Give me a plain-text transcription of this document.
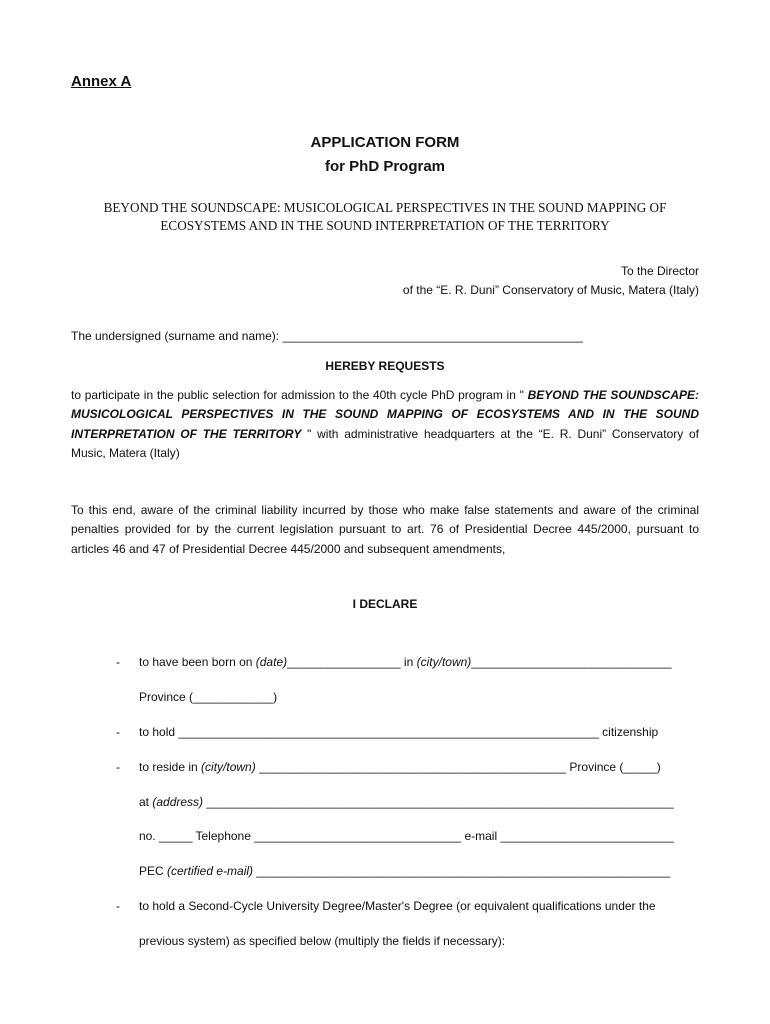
Annex A
APPLICATION FORM
for PhD Program
BEYOND THE SOUNDSCAPE: MUSICOLOGICAL PERSPECTIVES IN THE SOUND MAPPING OF ECOSYSTEMS AND IN THE SOUND INTERPRETATION OF THE TERRITORY
To the Director
of the “E. R. Duni” Conservatory of Music, Matera (Italy)
The undersigned (surname and name): _____________________________________________
HEREBY REQUESTS
to participate in the public selection for admission to the 40th cycle PhD program in " BEYOND THE SOUNDSCAPE: MUSICOLOGICAL PERSPECTIVES IN THE SOUND MAPPING OF ECOSYSTEMS AND IN THE SOUND INTERPRETATION OF THE TERRITORY " with administrative headquarters at the “E. R. Duni” Conservatory of Music, Matera (Italy)
To this end, aware of the criminal liability incurred by those who make false statements and aware of the criminal penalties provided for by the current legislation pursuant to art. 76 of Presidential Decree 445/2000, pursuant to articles 46 and 47 of Presidential Decree 445/2000 and subsequent amendments,
I DECLARE
- to have been born on (date)_________________ in (city/town)______________________________
Province (____________)
- to hold _______________________________________________________________ citizenship
- to reside in (city/town) ______________________________________________ Province (_____)
at (address) ______________________________________________________________________
no. _____ Telephone _______________________________ e-mail __________________________
PEC (certified e-mail) ______________________________________________________________
- to hold a Second-Cycle University Degree/Master's Degree (or equivalent qualifications under the
previous system) as specified below (multiply the fields if necessary):
